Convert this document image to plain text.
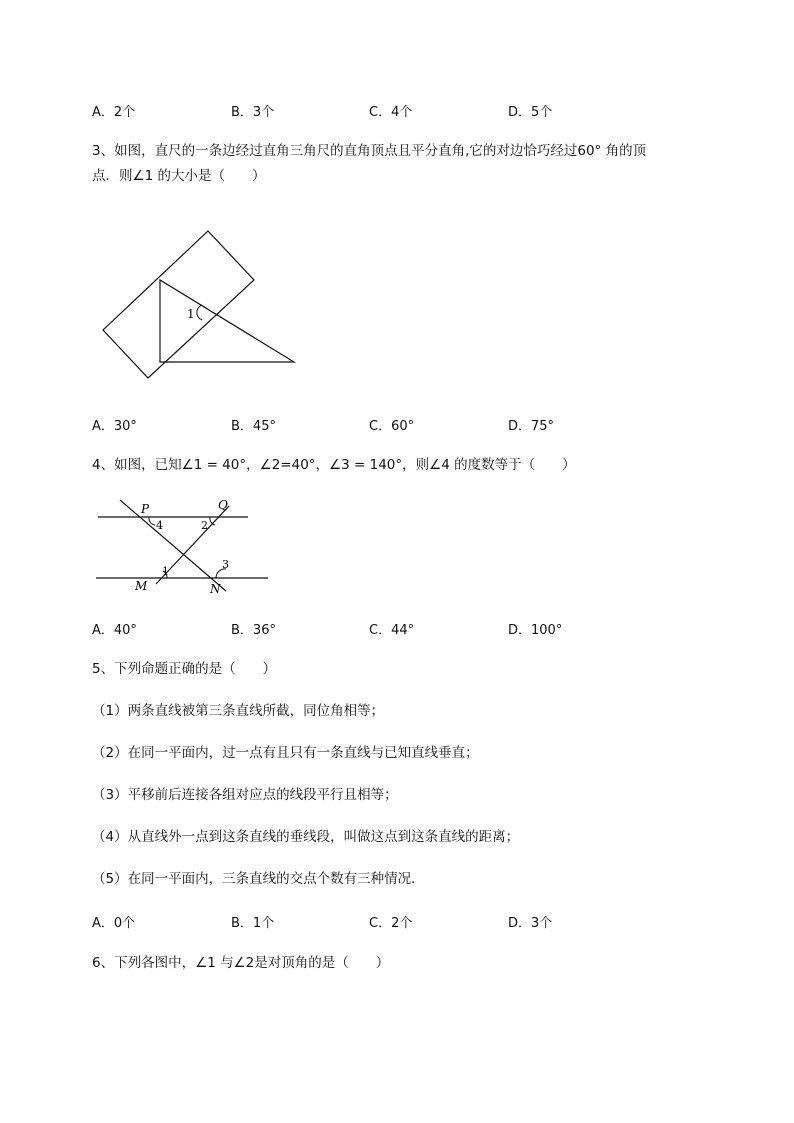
A．2个	B．3个	C．4个	D．5个
3、如图，直尺的一条边经过直角三角尺的直角顶点且平分直角,它的对边恰巧经过60° 角的顶
点．则∠1 的大小是（　　）
1
A．30°	B．45°	C．60°	D．75°
4、如图，已知∠1 = 40°，∠2=40°，∠3 = 140°，则∠4 的度数等于（　　）
P	Q
M	N
4	2
1
3
A．40°	B．36°	C．44°	D．100°
5、下列命题正确的是（　　）
（1）两条直线被第三条直线所截，同位角相等；
（2）在同一平面内，过一点有且只有一条直线与已知直线垂直；
（3）平移前后连接各组对应点的线段平行且相等；
（4）从直线外一点到这条直线的垂线段，叫做这点到这条直线的距离；
（5）在同一平面内，三条直线的交点个数有三种情况．
A．0个	B．1个	C．2个	D．3个
6、下列各图中，∠1 与∠2是对顶角的是（　　）
